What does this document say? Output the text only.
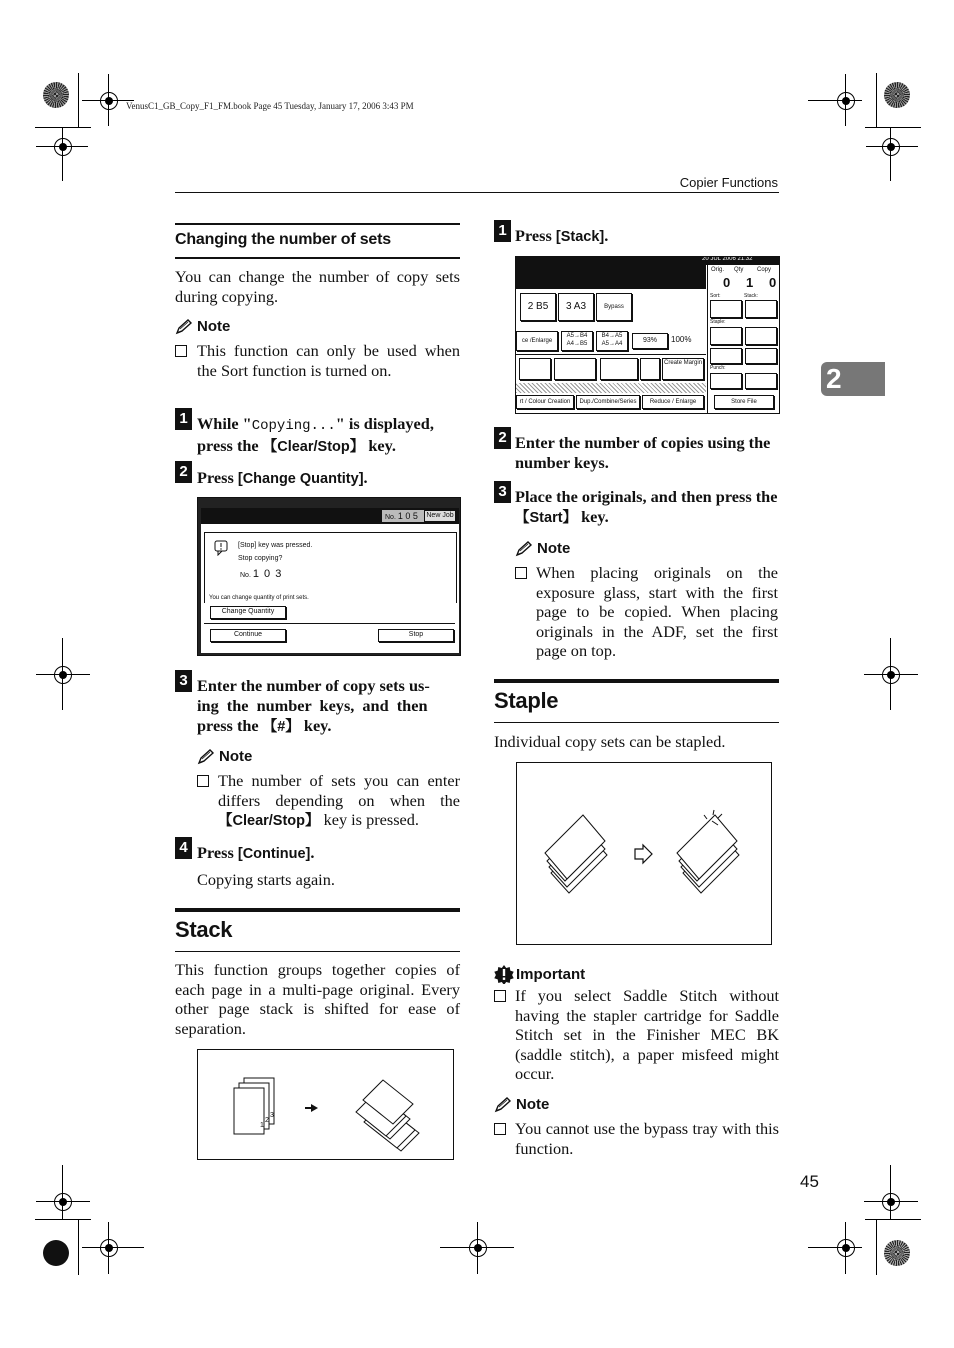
VenusC1_GB_Copy_F1_FM.book Page 45 Tuesday, January 17, 2006 3:43 PM
Copier Functions
2
Changing the number of sets
You can change the number of copy sets during copying.
Note
This function can only be used when the Sort function is turned on.
1 While "Copying..." is displayed, press the 【Clear/Stop】 key.
2 Press [Change Quantity].
No. 1 0 5	New Job
[Stop] key was pressed.
Stop copying?
No. 1 0 3
You can change quantity of print sets.
Change Quantity
Continue	Stop
3 Enter the number of copy sets us-
ing the number keys, and then
press the 【#】 key.
Note
The number of sets you can enter differs depending on when the 【Clear/Stop】 key is pressed.
4 Press [Continue].
Copying starts again.
Stack
This function groups together copies of each page in a multi-page original. Every other page stack is shifted for ease of separation.
1
2
3
1 Press [Stack].
20 JUL 2006 21:32
Orig.
0
Qty
1
Copy
0
2 B5	3 A3	Bypass
ce /Enlarge
A5→B4
A4→B5
B4→A5
A5→A4	93%	100%
Create Margin
rt / Colour Creation	Dup./Combine/Series	Reduce / Enlarge
Sort:	Stack:
Staple:
Punch:
Store File
2 Enter the number of copies using the number keys.
3 Place the originals, and then press the 【Start】 key.
Note
When placing originals on the exposure glass, start with the first page to be copied. When placing originals in the ADF, set the first page on top.
Staple
Individual copy sets can be stapled.
Important
If you select Saddle Stitch without having the stapler cartridge for Saddle Stitch set in the Finisher MEC BK (saddle stitch), a paper misfeed might occur.
Note
You cannot use the bypass tray with this function.
45
